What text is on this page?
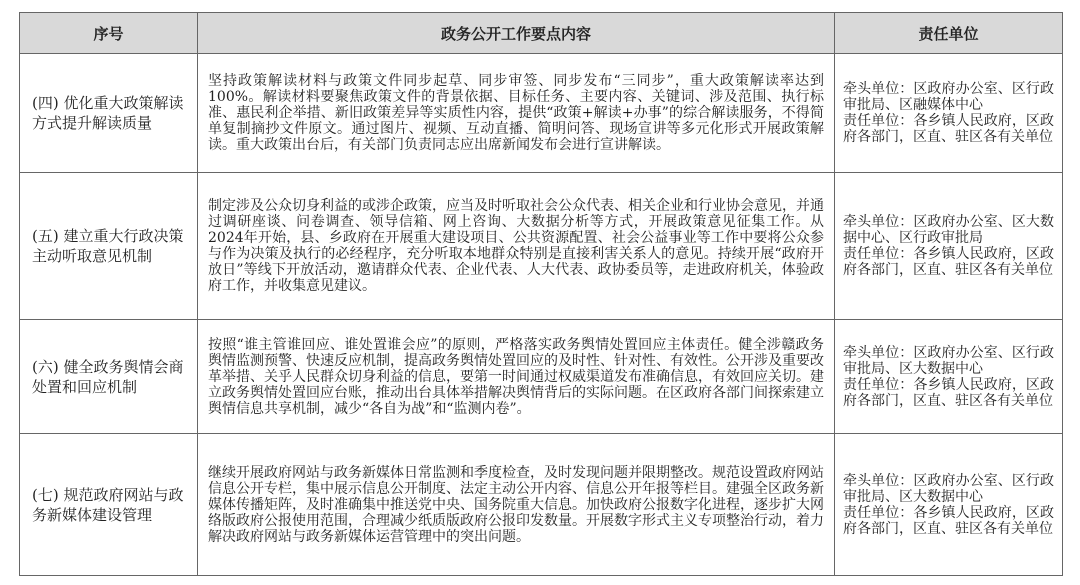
序号	政务公开工作要点内容	责任单位
(四) 优化重大政策解读方式提升解读质量	坚持政策解读材料与政策文件同步起草、同步审签、同步发布“三同步”，重大政策解读率达到100%。解读材料要聚焦政策文件的背景依据、目标任务、主要内容、关键词、涉及范围、执行标准、惠民利企举措、新旧政策差异等实质性内容，提供“政策+解读+办事”的综合解读服务，不得简单复制摘抄文件原文。通过图片、视频、互动直播、简明问答、现场宣讲等多元化形式开展政策解读。重大政策出台后，有关部门负责同志应出席新闻发布会进行宣讲解读。	牵头单位：区政府办公室、区行政审批局、区融媒体中心
责任单位：各乡镇人民政府，区政府各部门，区直、驻区各有关单位

(五) 建立重大行政决策主动听取意见机制	制定涉及公众切身利益的或涉企政策，应当及时听取社会公众代表、相关企业和行业协会意见，并通过调研座谈、问卷调查、领导信箱、网上咨询、大数据分析等方式，开展政策意见征集工作。从2024年开始，县、乡政府在开展重大建设项目、公共资源配置、社会公益事业等工作中要将公众参与作为决策及执行的必经程序，充分听取本地群众特别是直接利害关系人的意见。持续开展“政府开放日”等线下开放活动，邀请群众代表、企业代表、人大代表、政协委员等，走进政府机关，体验政府工作，并收集意见建议。	牵头单位：区政府办公室、区大数据中心、区行政审批局
责任单位：各乡镇人民政府，区政府各部门，区直、驻区各有关单位

(六) 健全政务舆情会商处置和回应机制	按照“谁主管谁回应、谁处置谁会应”的原则，严格落实政务舆情处置回应主体责任。健全涉赣政务舆情监测预警、快速反应机制，提高政务舆情处置回应的及时性、针对性、有效性。公开涉及重要改革举措、关乎人民群众切身利益的信息，要第一时间通过权威渠道发布准确信息，有效回应关切。建立政务舆情处置回应台账，推动出台具体举措解决舆情背后的实际问题。在区政府各部门间探索建立舆情信息共享机制，减少“各自为战”和“监测内卷”。	牵头单位：区政府办公室、区行政审批局、区大数据中心
责任单位：各乡镇人民政府，区政府各部门，区直、驻区各有关单位

(七) 规范政府网站与政务新媒体建设管理	继续开展政府网站与政务新媒体日常监测和季度检查，及时发现问题并限期整改。规范设置政府网站信息公开专栏，集中展示信息公开制度、法定主动公开内容、信息公开年报等栏目。建强全区政务新媒体传播矩阵，及时准确集中推送党中央、国务院重大信息。加快政府公报数字化进程，逐步扩大网络版政府公报使用范围，合理减少纸质版政府公报印发数量。开展数字形式主义专项整治行动，着力解决政府网站与政务新媒体运营管理中的突出问题。	牵头单位：区政府办公室、区行政审批局、区大数据中心
责任单位：各乡镇人民政府，区政府各部门，区直、驻区各有关单位
